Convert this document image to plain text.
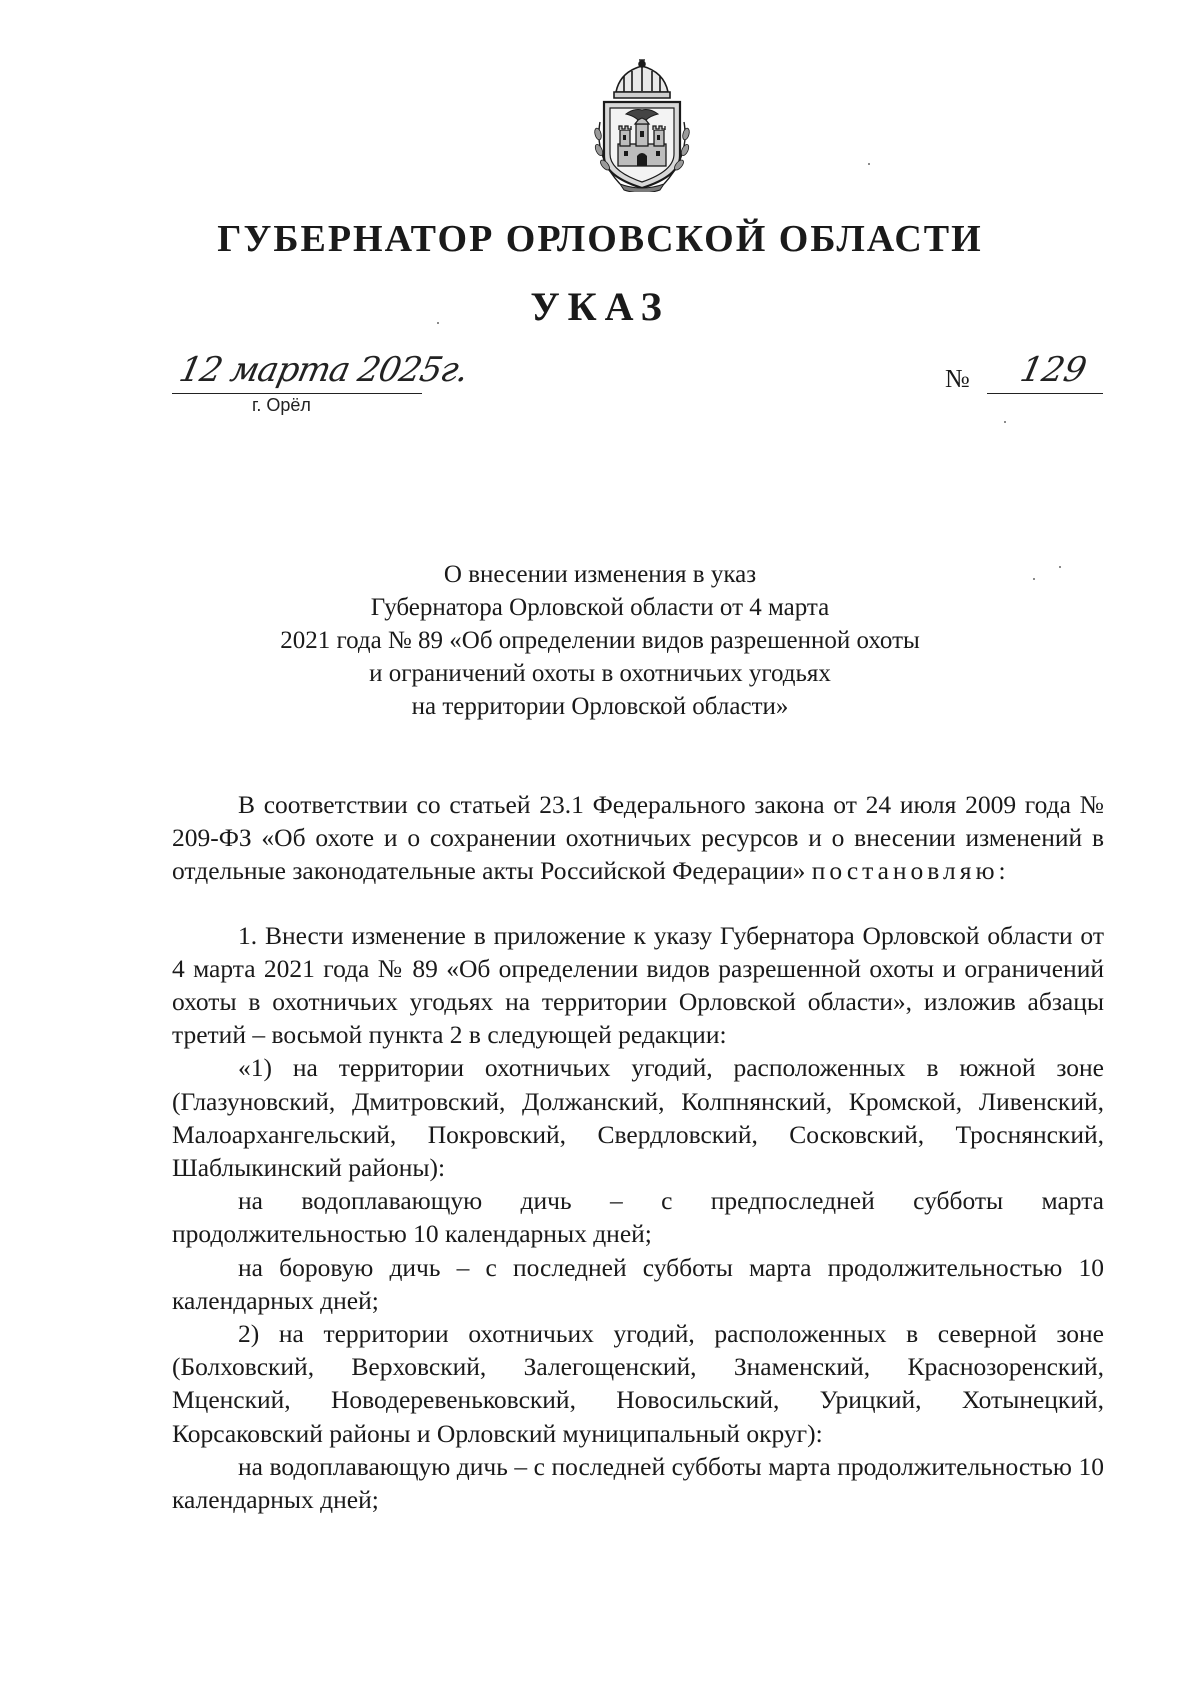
ГУБЕРНАТОР ОРЛОВСКОЙ ОБЛАСТИ
УКАЗ
12 марта 2025г.
г. Орёл
№ 129
О внесении изменения в указ
Губернатора Орловской области от 4 марта
2021 года № 89 «Об определении видов разрешенной охоты
и ограничений охоты в охотничьих угодьях
на территории Орловской области»

В соответствии со статьей 23.1 Федерального закона от 24 июля 2009 года № 209-ФЗ «Об охоте и о сохранении охотничьих ресурсов и о внесении изменений в отдельные законодательные акты Российской Федерации» постановляю:

1. Внести изменение в приложение к указу Губернатора Орловской области от 4 марта 2021 года № 89 «Об определении видов разрешенной охоты и ограничений охоты в охотничьих угодьях на территории Орловской области», изложив абзацы третий – восьмой пункта 2 в следующей редакции:

«1) на территории охотничьих угодий, расположенных в южной зоне (Глазуновский, Дмитровский, Должанский, Колпнянский, Кромской, Ливенский, Малоархангельский, Покровский, Свердловский, Сосковский, Троснянский, Шаблыкинский районы):

на водоплавающую дичь – с предпоследней субботы марта продолжительностью 10 календарных дней;

на боровую дичь – с последней субботы марта продолжительностью 10 календарных дней;

2) на территории охотничьих угодий, расположенных в северной зоне (Болховский, Верховский, Залегощенский, Знаменский, Краснозоренский, Мценский, Новодеревеньковский, Новосильский, Урицкий, Хотынецкий, Корсаковский районы и Орловский муниципальный округ):

на водоплавающую дичь – с последней субботы марта продолжительностью 10 календарных дней;
